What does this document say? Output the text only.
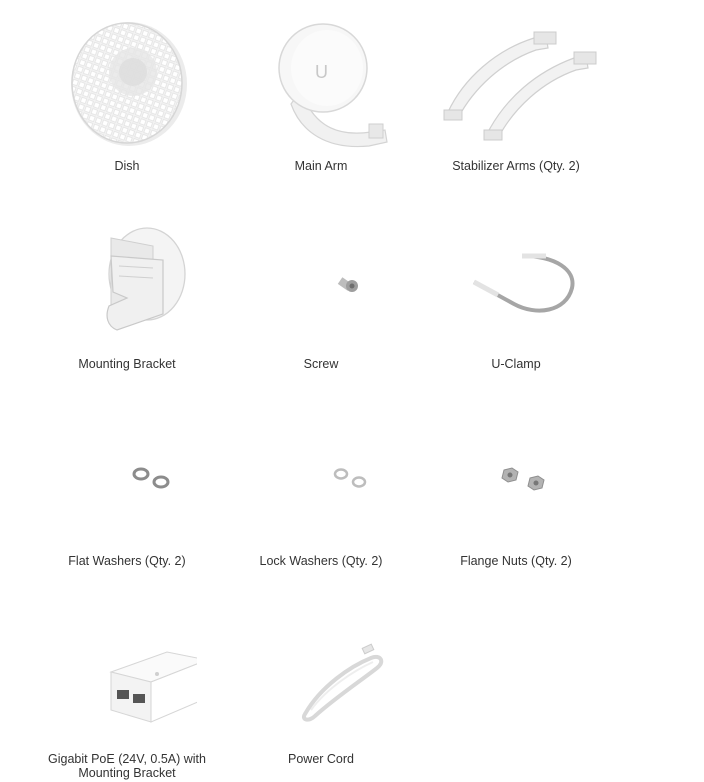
Dish
U
Main Arm	Stabilizer Arms (Qty. 2)
Mounting Bracket	Screw	U-Clamp
Flat Washers (Qty. 2)	Lock Washers (Qty. 2)	Flange Nuts (Qty. 2)
Gigabit PoE (24V, 0.5A) with
Mounting Bracket
Power Cord
